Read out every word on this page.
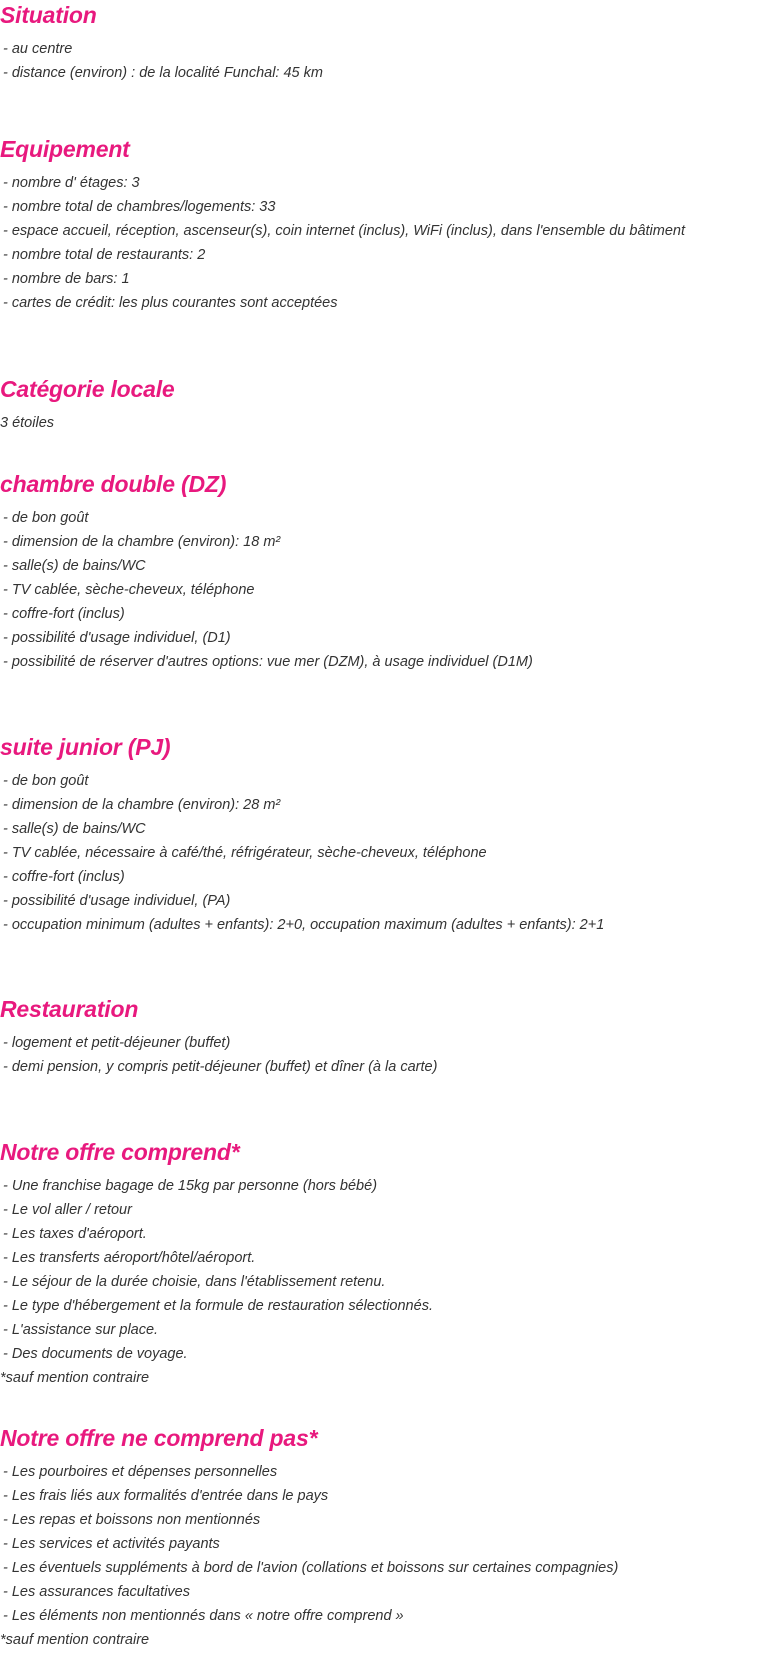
Situation
- au centre
- distance (environ) : de la localité Funchal: 45 km
Equipement
- nombre d' étages: 3
- nombre total de chambres/logements: 33
- espace accueil, réception, ascenseur(s), coin internet (inclus), WiFi (inclus), dans l'ensemble du bâtiment
- nombre total de restaurants: 2
- nombre de bars: 1
- cartes de crédit: les plus courantes sont acceptées
Catégorie locale
3 étoiles
chambre double (DZ)
- de bon goût
- dimension de la chambre (environ): 18 m²
- salle(s) de bains/WC
- TV cablée, sèche-cheveux, téléphone
- coffre-fort (inclus)
- possibilité d'usage individuel, (D1)
- possibilité de réserver d'autres options: vue mer (DZM), à usage individuel (D1M)
suite junior (PJ)
- de bon goût
- dimension de la chambre (environ): 28 m²
- salle(s) de bains/WC
- TV cablée, nécessaire à café/thé, réfrigérateur, sèche-cheveux, téléphone
- coffre-fort (inclus)
- possibilité d'usage individuel, (PA)
- occupation minimum (adultes + enfants): 2+0, occupation maximum (adultes + enfants): 2+1
Restauration
- logement et petit-déjeuner (buffet)
- demi pension, y compris petit-déjeuner (buffet) et dîner (à la carte)
Notre offre comprend*
- Une franchise bagage de 15kg par personne (hors bébé)
- Le vol aller / retour
- Les taxes d'aéroport.
- Les transferts aéroport/hôtel/aéroport.
- Le séjour de la durée choisie, dans l'établissement retenu.
- Le type d'hébergement et la formule de restauration sélectionnés.
- L'assistance sur place.
- Des documents de voyage.
*sauf mention contraire
Notre offre ne comprend pas*
- Les pourboires et dépenses personnelles
- Les frais liés aux formalités d'entrée dans le pays
- Les repas et boissons non mentionnés
- Les services et activités payants
- Les éventuels suppléments à bord de l'avion (collations et boissons sur certaines compagnies)
- Les assurances facultatives
- Les éléments non mentionnés dans « notre offre comprend »
*sauf mention contraire
